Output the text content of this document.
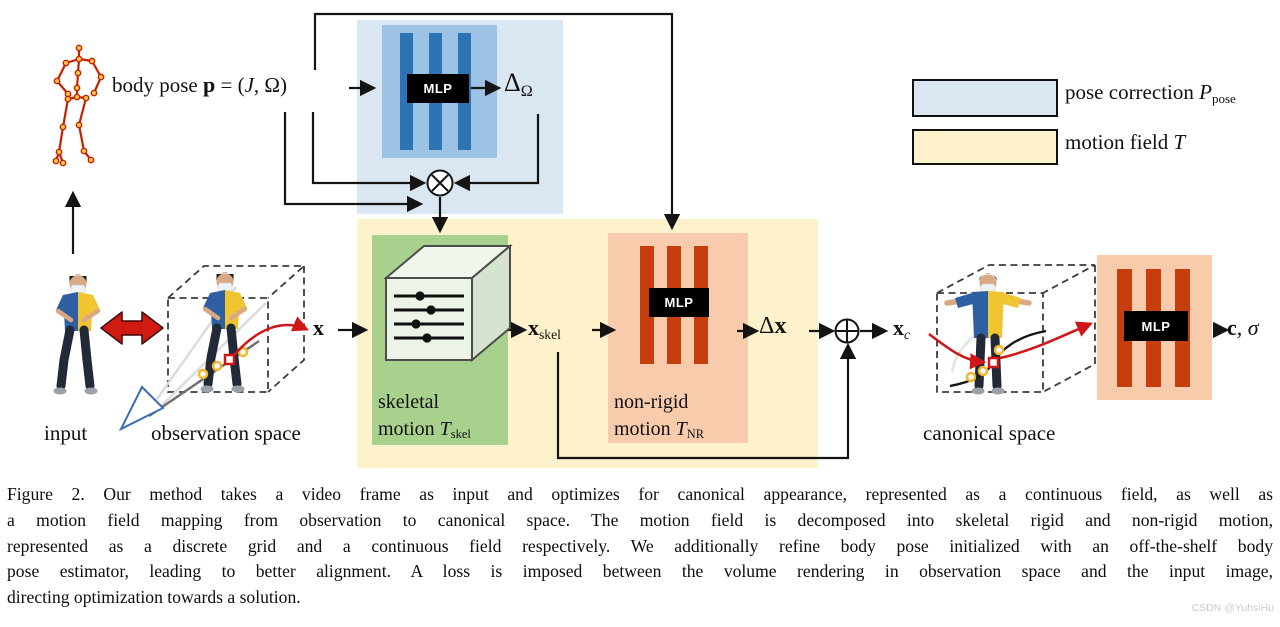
MLP
MLP
MLP
body pose p = (J, Ω)	ΔΩ
x	xskel	Δx	xc	c, σ
skeletal
motion Tskel
non-rigid
motion TNR
input	observation space	canonical space
pose correction Ppose
motion field T
Figure 2. Our method takes a video frame as input and optimizes for canonical appearance, represented as a continuous field, as well as
a motion field mapping from observation to canonical space. The motion field is decomposed into skeletal rigid and non-rigid motion,
represented as a discrete grid and a continuous field respectively. We additionally refine body pose initialized with an off-the-shelf body
pose estimator, leading to better alignment. A loss is imposed between the volume rendering in observation space and the input image,
directing optimization towards a solution.
CSDN @YuhsiHu
